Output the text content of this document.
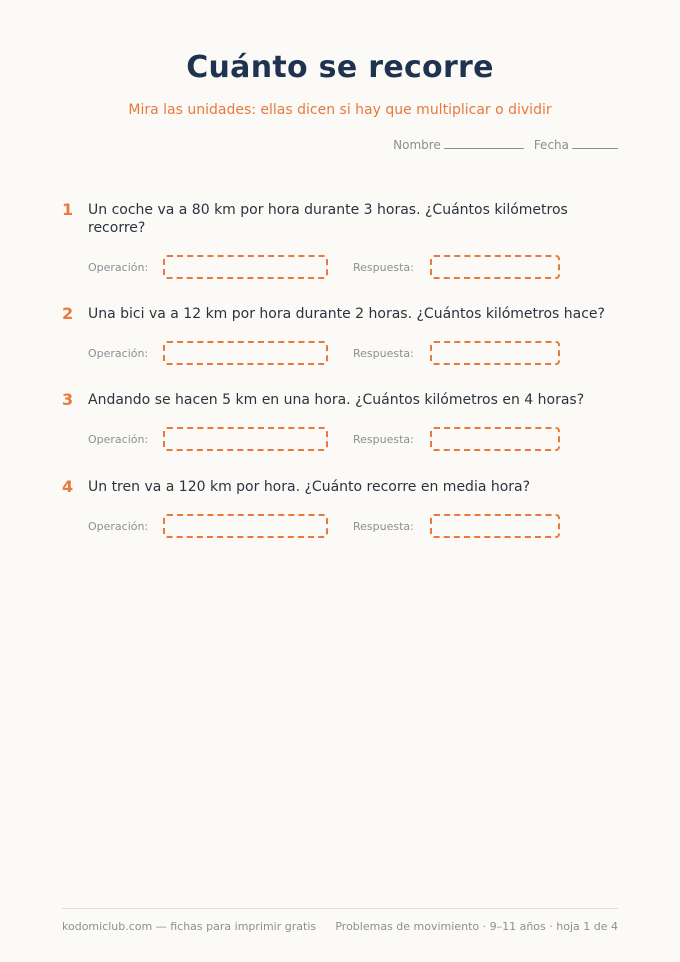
Cuánto se recorre
Mira las unidades: ellas dicen si hay que multiplicar o dividir
Nombre	Fecha
1 Un coche va a 80 km por hora durante 3 horas. ¿Cuántos kilómetros recorre?
Operación:	Respuesta:
2 Una bici va a 12 km por hora durante 2 horas. ¿Cuántos kilómetros hace?
Operación:	Respuesta:
3 Andando se hacen 5 km en una hora. ¿Cuántos kilómetros en 4 horas?
Operación:	Respuesta:
4 Un tren va a 120 km por hora. ¿Cuánto recorre en media hora?
Operación:	Respuesta:
kodomiclub.com — fichas para imprimir gratis Problemas de movimiento · 9–11 años · hoja 1 de 4
